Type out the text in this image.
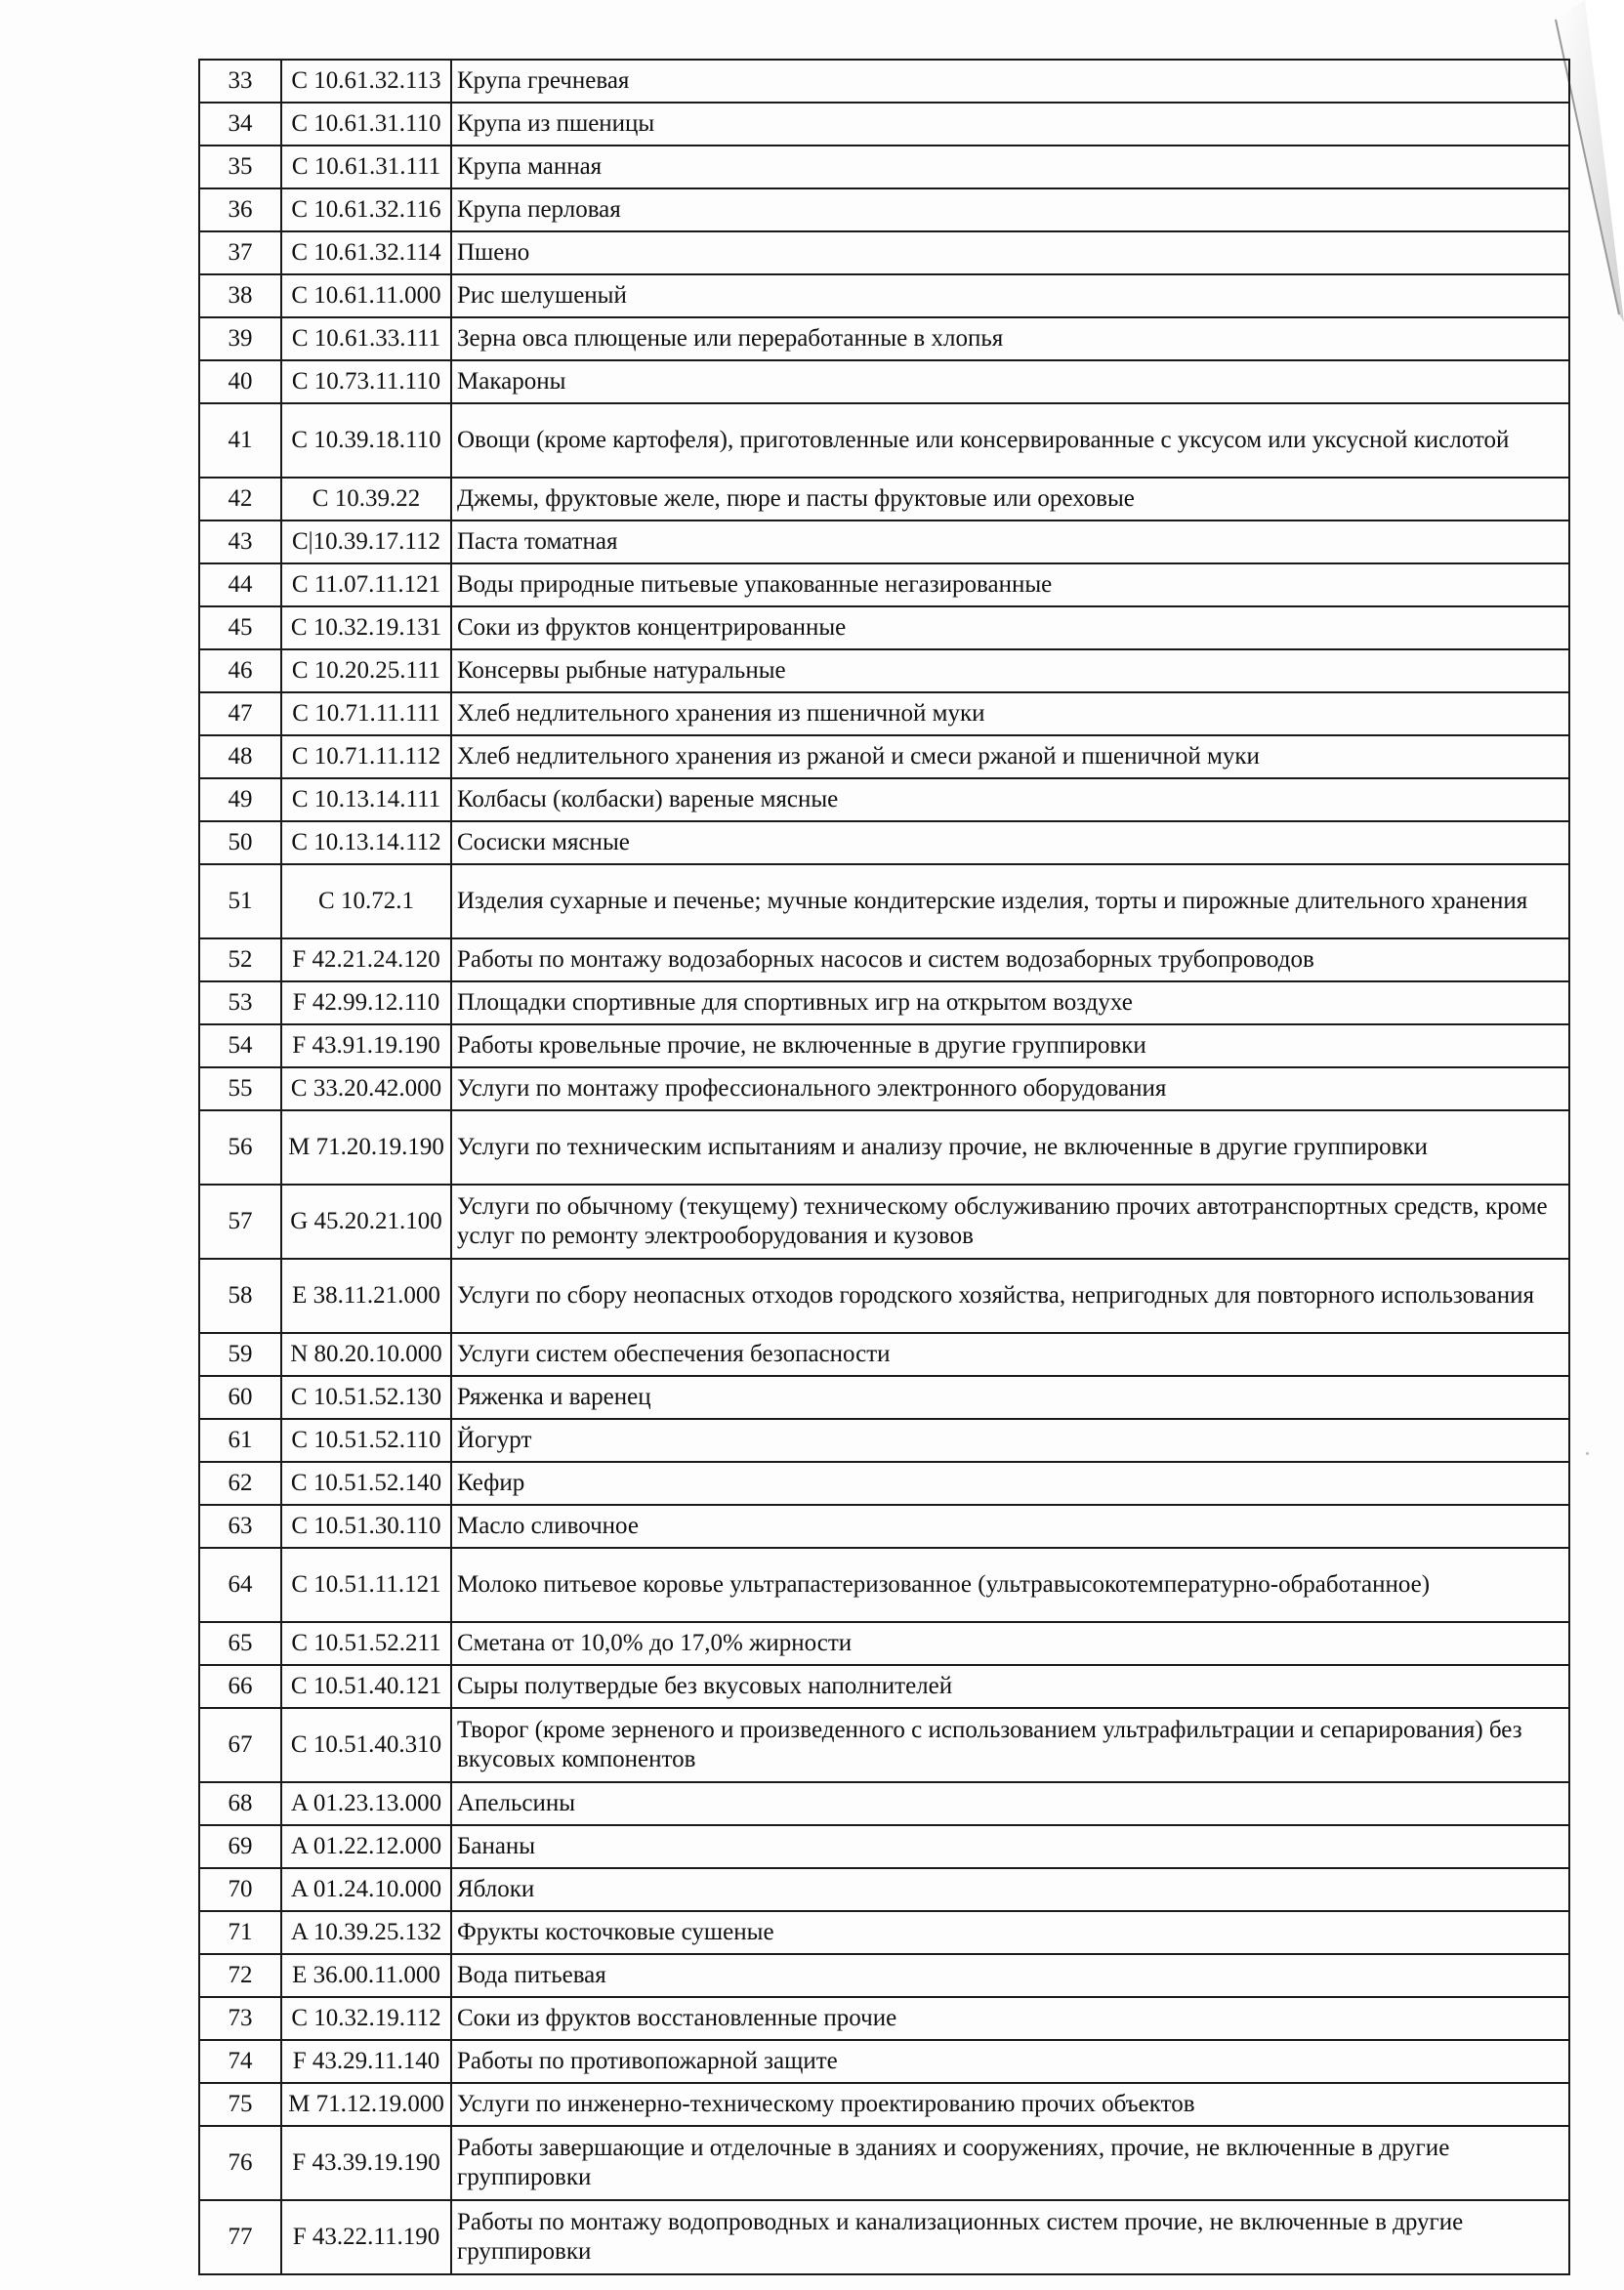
33	C 10.61.32.113	Крупа гречневая
34	C 10.61.31.110	Крупа из пшеницы
35	C 10.61.31.111	Крупа манная
36	C 10.61.32.116	Крупа перловая
37	C 10.61.32.114	Пшено
38	C 10.61.11.000	Рис шелушеный
39	C 10.61.33.111	Зерна овса плющеные или переработанные в хлопья
40	C 10.73.11.110	Макароны
41	C 10.39.18.110	Овощи (кроме картофеля), приготовленные или консервированные с уксусом или уксусной кислотой
42	C 10.39.22	Джемы, фруктовые желе, пюре и пасты фруктовые или ореховые
43	C|10.39.17.112	Паста томатная
44	C 11.07.11.121	Воды природные питьевые упакованные негазированные
45	C 10.32.19.131	Соки из фруктов концентрированные
46	C 10.20.25.111	Консервы рыбные натуральные
47	C 10.71.11.111	Хлеб недлительного хранения из пшеничной муки
48	C 10.71.11.112	Хлеб недлительного хранения из ржаной и смеси ржаной и пшеничной муки
49	C 10.13.14.111	Колбасы (колбаски) вареные мясные
50	C 10.13.14.112	Сосиски мясные
51	C 10.72.1	Изделия сухарные и печенье; мучные кондитерские изделия, торты и пирожные длительного хранения
52	F 42.21.24.120	Работы по монтажу водозаборных насосов и систем водозаборных трубопроводов
53	F 42.99.12.110	Площадки спортивные для спортивных игр на открытом воздухе
54	F 43.91.19.190	Работы кровельные прочие, не включенные в другие группировки
55	C 33.20.42.000	Услуги по монтажу профессионального электронного оборудования
56	M 71.20.19.190	Услуги по техническим испытаниям и анализу прочие, не включенные в другие группировки
57	G 45.20.21.100	Услуги по обычному (текущему) техническому обслуживанию прочих автотранспортных средств, кроме услуг по ремонту электрооборудования и кузовов
58	E 38.11.21.000	Услуги по сбору неопасных отходов городского хозяйства, непригодных для повторного использования
59	N 80.20.10.000	Услуги систем обеспечения безопасности
60	C 10.51.52.130	Ряженка и варенец
61	C 10.51.52.110	Йогурт
62	C 10.51.52.140	Кефир
63	C 10.51.30.110	Масло сливочное
64	C 10.51.11.121	Молоко питьевое коровье ультрапастеризованное (ультравысокотемпературно-обработанное)
65	C 10.51.52.211	Сметана от 10,0% до 17,0% жирности
66	C 10.51.40.121	Сыры полутвердые без вкусовых наполнителей
67	C 10.51.40.310	Творог (кроме зерненого и произведенного с использованием ультрафильтрации и сепарирования) без вкусовых компонентов
68	A 01.23.13.000	Апельсины
69	A 01.22.12.000	Бананы
70	A 01.24.10.000	Яблоки
71	A 10.39.25.132	Фрукты косточковые сушеные
72	E 36.00.11.000	Вода питьевая
73	C 10.32.19.112	Соки из фруктов восстановленные прочие
74	F 43.29.11.140	Работы по противопожарной защите
75	M 71.12.19.000	Услуги по инженерно-техническому проектированию прочих объектов
76	F 43.39.19.190	Работы завершающие и отделочные в зданиях и сооружениях, прочие, не включенные в другие группировки
77	F 43.22.11.190	Работы по монтажу водопроводных и канализационных систем прочие, не включенные в другие группировки
